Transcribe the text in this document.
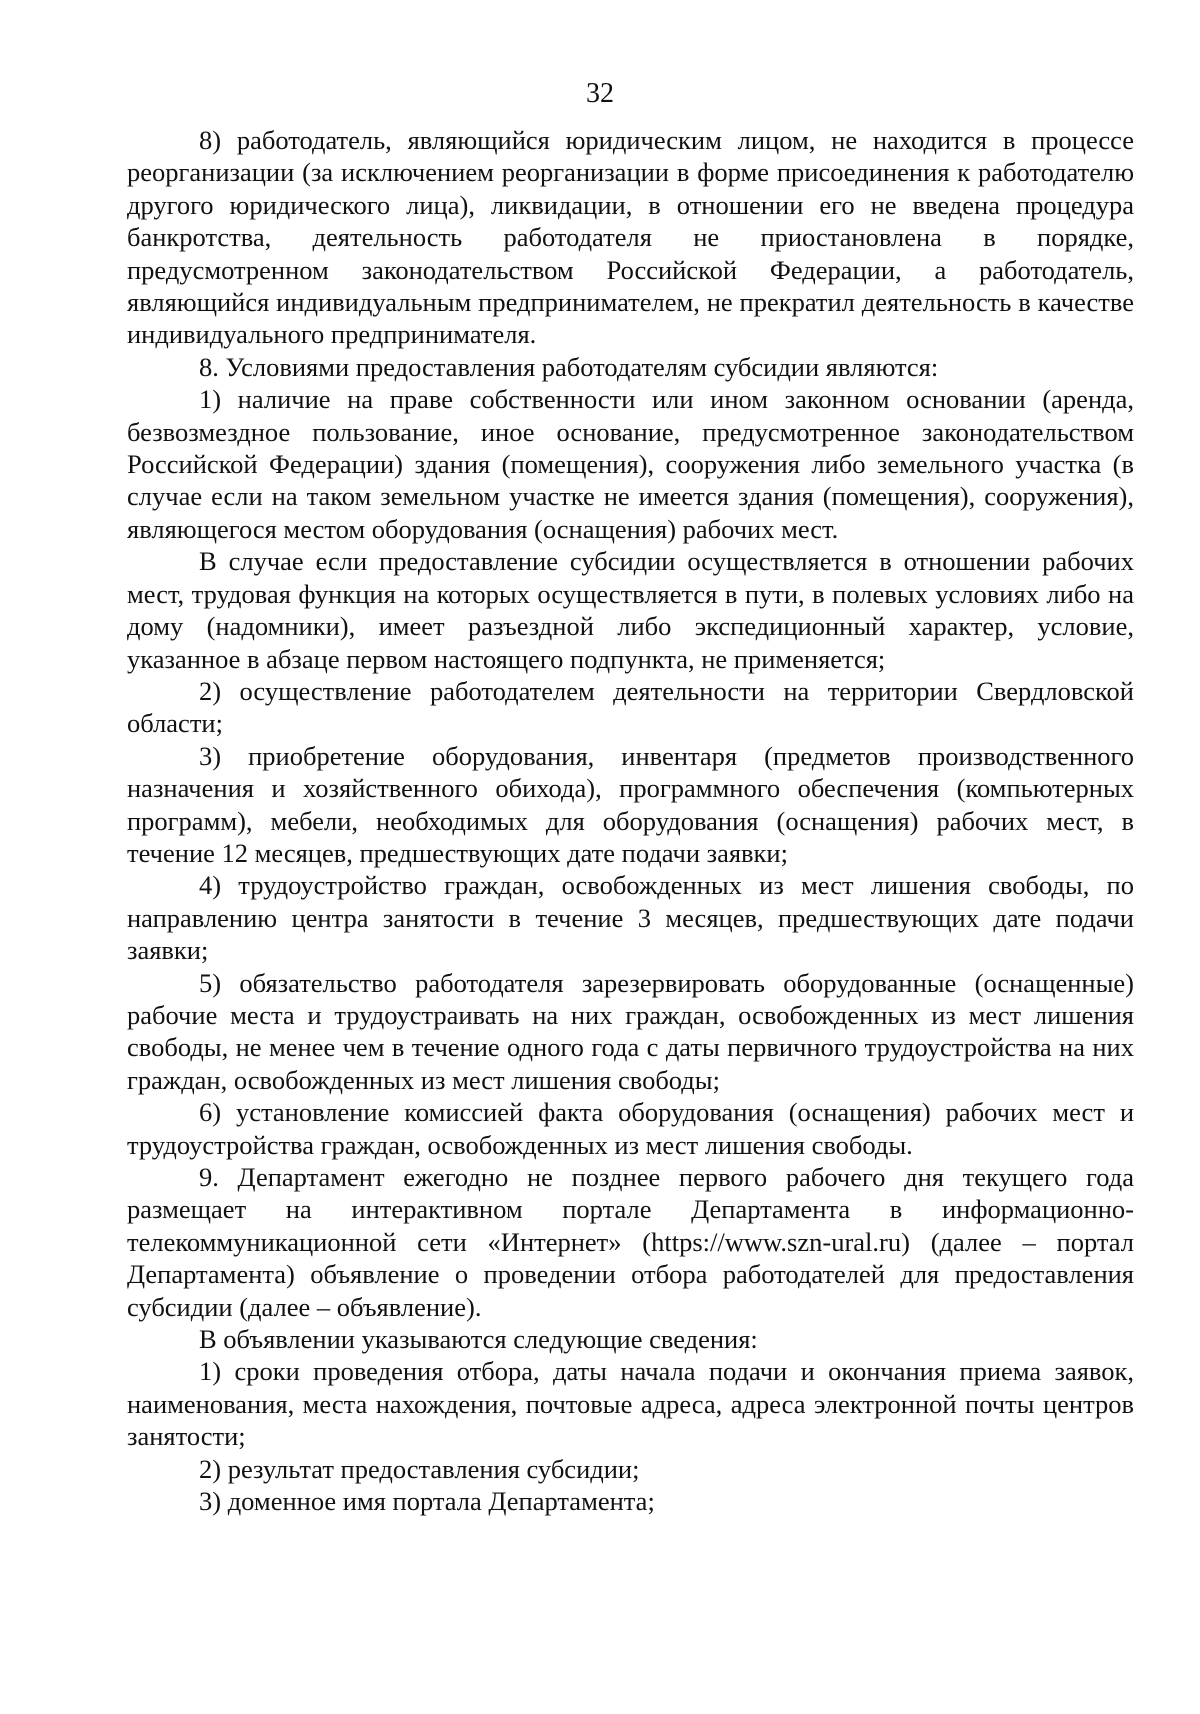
32

8) работодатель, являющийся юридическим лицом, не находится в процессе реорганизации (за исключением реорганизации в форме присоединения к работодателю другого юридического лица), ликвидации, в отношении его не введена процедура банкротства, деятельность работодателя не приостановлена в порядке, предусмотренном законодательством Российской Федерации, а работодатель, являющийся индивидуальным предпринимателем, не прекратил деятельность в качестве индивидуального предпринимателя.

8. Условиями предоставления работодателям субсидии являются:

1) наличие на праве собственности или ином законном основании (аренда, безвозмездное пользование, иное основание, предусмотренное законодательством Российской Федерации) здания (помещения), сооружения либо земельного участка (в случае если на таком земельном участке не имеется здания (помещения), сооружения), являющегося местом оборудования (оснащения) рабочих мест.

В случае если предоставление субсидии осуществляется в отношении рабочих мест, трудовая функция на которых осуществляется в пути, в полевых условиях либо на дому (надомники), имеет разъездной либо экспедиционный характер, условие, указанное в абзаце первом настоящего подпункта, не применяется;

2) осуществление работодателем деятельности на территории Свердловской области;

3) приобретение оборудования, инвентаря (предметов производственного назначения и хозяйственного обихода), программного обеспечения (компьютерных программ), мебели, необходимых для оборудования (оснащения) рабочих мест, в течение 12 месяцев, предшествующих дате подачи заявки;

4) трудоустройство граждан, освобожденных из мест лишения свободы, по направлению центра занятости в течение 3 месяцев, предшествующих дате подачи заявки;

5) обязательство работодателя зарезервировать оборудованные (оснащенные) рабочие места и трудоустраивать на них граждан, освобожденных из мест лишения свободы, не менее чем в течение одного года с даты первичного трудоустройства на них граждан, освобожденных из мест лишения свободы;

6) установление комиссией факта оборудования (оснащения) рабочих мест и трудоустройства граждан, освобожденных из мест лишения свободы.

9. Департамент ежегодно не позднее первого рабочего дня текущего года размещает на интерактивном портале Департамента в информационно-телекоммуникационной сети «Интернет» (https://www.szn-ural.ru) (далее – портал Департамента) объявление о проведении отбора работодателей для предоставления субсидии (далее – объявление).

В объявлении указываются следующие сведения:

1) сроки проведения отбора, даты начала подачи и окончания приема заявок, наименования, места нахождения, почтовые адреса, адреса электронной почты центров занятости;

2) результат предоставления субсидии;

3) доменное имя портала Департамента;
